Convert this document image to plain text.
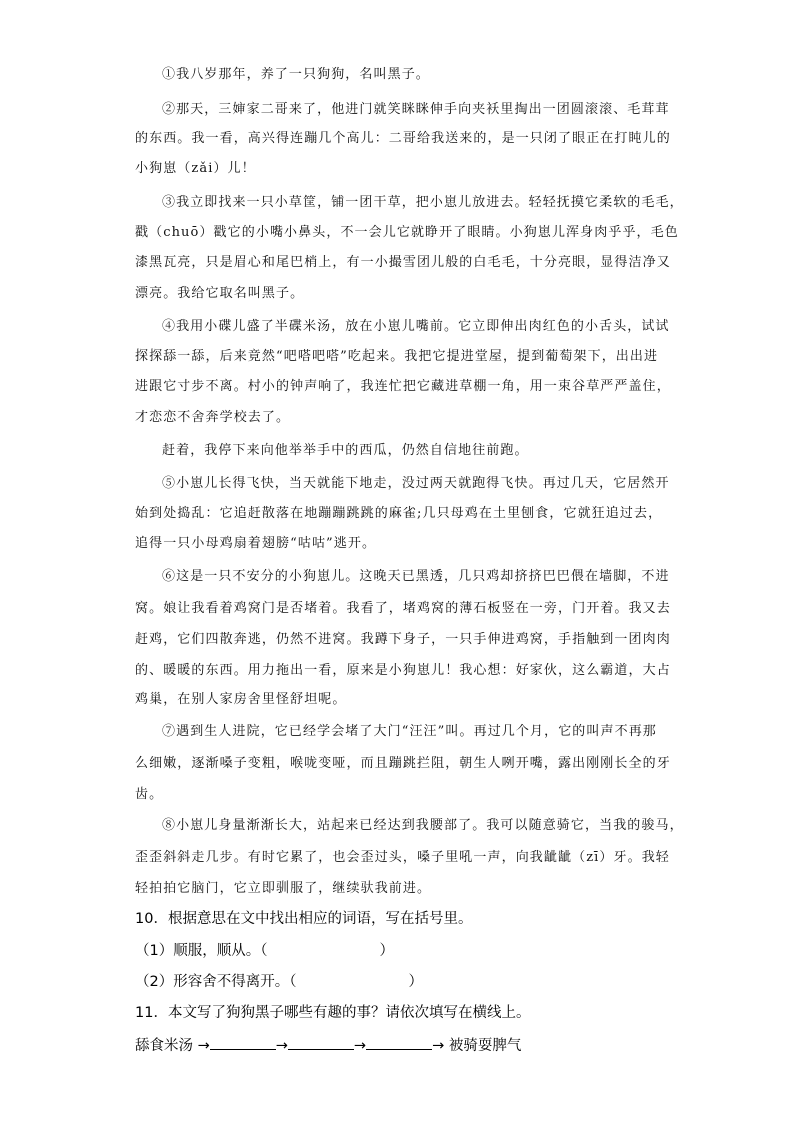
①我八岁那年，养了一只狗狗，名叫黑子。
②那天，三婶家二哥来了，他进门就笑眯眯伸手向夹袄里掏出一团圆滚滚、毛茸茸
的东西。我一看，高兴得连蹦几个高儿：二哥给我送来的，是一只闭了眼正在打盹儿的
小狗崽（zǎi）儿！
③我立即找来一只小草筐，铺一团干草，把小崽儿放进去。轻轻抚摸它柔软的毛毛，
戳（chuō）戳它的小嘴小鼻头，不一会儿它就睁开了眼睛。小狗崽儿浑身肉乎乎，毛色
漆黑瓦亮，只是眉心和尾巴梢上，有一小撮雪团儿般的白毛毛，十分亮眼，显得洁净又
漂亮。我给它取名叫黑子。
④我用小碟儿盛了半碟米汤，放在小崽儿嘴前。它立即伸出肉红色的小舌头，试试
探探舔一舔，后来竟然“吧嗒吧嗒”吃起来。我把它提进堂屋，提到葡萄架下，出出进
进跟它寸步不离。村小的钟声响了，我连忙把它藏进草棚一角，用一束谷草严严盖住，
才恋恋不舍奔学校去了。
赶着，我停下来向他举举手中的西瓜，仍然自信地往前跑。
⑤小崽儿长得飞快，当天就能下地走，没过两天就跑得飞快。再过几天，它居然开
始到处捣乱：它追赶散落在地蹦蹦跳跳的麻雀;几只母鸡在土里刨食，它就狂追过去，
追得一只小母鸡扇着翅膀“咕咕”逃开。
⑥这是一只不安分的小狗崽儿。这晚天已黑透，几只鸡却挤挤巴巴偎在墙脚，不进
窝。娘让我看着鸡窝门是否堵着。我看了，堵鸡窝的薄石板竖在一旁，门开着。我又去
赶鸡，它们四散奔逃，仍然不进窝。我蹲下身子，一只手伸进鸡窝，手指触到一团肉肉
的、暖暖的东西。用力拖出一看，原来是小狗崽儿！我心想：好家伙，这么霸道，大占
鸡巢，在别人家房舍里怪舒坦呢。
⑦遇到生人进院，它已经学会堵了大门“汪汪”叫。再过几个月，它的叫声不再那
么细嫩，逐渐嗓子变粗，喉咙变哑，而且蹦跳拦阻，朝生人咧开嘴，露出刚刚长全的牙
齿。
⑧小崽儿身量渐渐长大，站起来已经达到我腰部了。我可以随意骑它，当我的骏马，
歪歪斜斜走几步。有时它累了，也会歪过头，嗓子里吼一声，向我龇龇（zī）牙。我轻
轻拍拍它脑门，它立即驯服了，继续驮我前进。
10．根据意思在文中找出相应的词语，写在括号里。
（1）顺服，顺从。（	）
（2）形容舍不得离开。（	）
11．本文写了狗狗黑子哪些有趣的事？请依次填写在横线上。
舔食米汤 →	→	→	→ 被骑耍脾气
